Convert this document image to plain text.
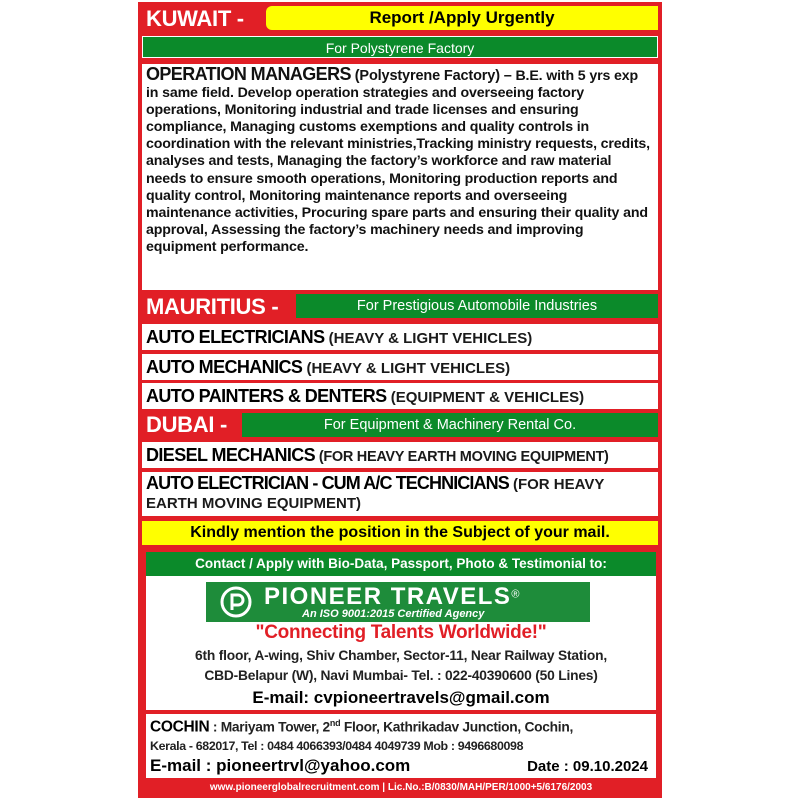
KUWAIT -	Report /Apply Urgently
For Polystyrene Factory
OPERATION MANAGERS (Polystyrene Factory) – B.E. with 5 yrs exp in same field. Develop operation strategies and overseeing factory operations, Monitoring industrial and trade licenses and ensuring compliance, Managing customs exemptions and quality controls in coordination with the relevant ministries,Tracking ministry requests, credits, analyses and tests, Managing the factory’s workforce and raw material needs to ensure smooth operations, Monitoring production reports and quality control, Monitoring maintenance reports and overseeing maintenance activities, Procuring spare parts and ensuring their quality and approval, Assessing the factory’s machinery needs and improving equipment performance.
MAURITIUS -	For Prestigious Automobile Industries
AUTO ELECTRICIANS (HEAVY & LIGHT VEHICLES)
AUTO MECHANICS (HEAVY & LIGHT VEHICLES)
AUTO PAINTERS & DENTERS (EQUIPMENT & VEHICLES)
DUBAI -	For Equipment & Machinery Rental Co.
DIESEL MECHANICS (FOR HEAVY EARTH MOVING EQUIPMENT)
AUTO ELECTRICIAN - CUM A/C TECHNICIANS (FOR HEAVY EARTH MOVING EQUIPMENT)
Kindly mention the position in the Subject of your mail.
Contact / Apply with Bio-Data, Passport, Photo & Testimonial to:
PIONEER TRAVELS®
An ISO 9001:2015 Certified Agency
"Connecting Talents Worldwide!"
6th floor, A-wing, Shiv Chamber, Sector-11, Near Railway Station,
CBD-Belapur (W), Navi Mumbai- Tel. : 022-40390600 (50 Lines)
E-mail: cvpioneertravels@gmail.com
COCHIN : Mariyam Tower, 2nd Floor, Kathrikadav Junction, Cochin,
Kerala - 682017, Tel : 0484 4066393/0484 4049739 Mob : 9496680098
E-mail : pioneertrvl@yahoo.com	Date : 09.10.2024
www.pioneerglobalrecruitment.com | Lic.No.:B/0830/MAH/PER/1000+5/6176/2003
